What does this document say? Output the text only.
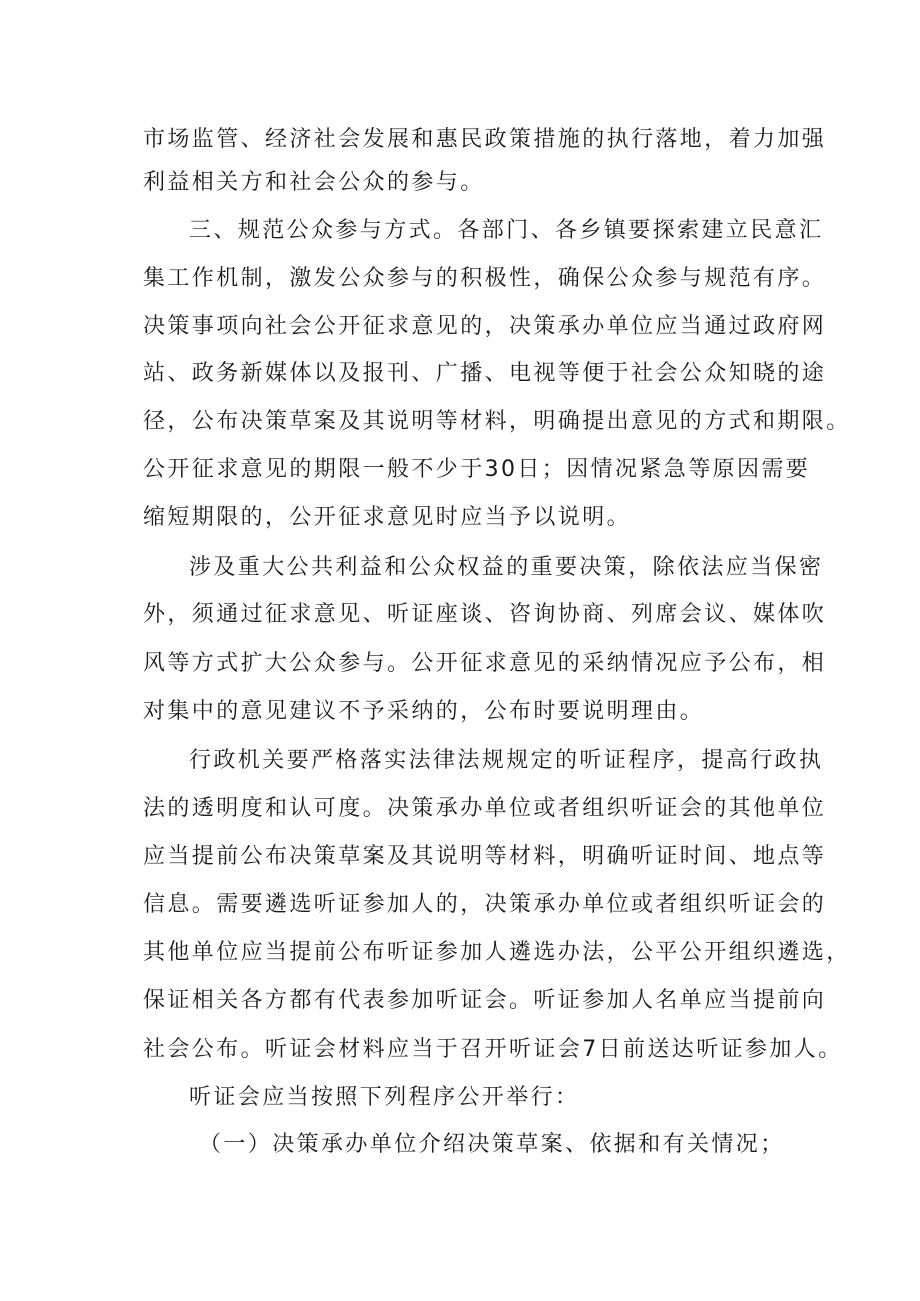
市场监管、经济社会发展和惠民政策措施的执行落地，着力加强
利益相关方和社会公众的参与。
三、规范公众参与方式。各部门、各乡镇要探索建立民意汇
集工作机制，激发公众参与的积极性，确保公众参与规范有序。
决策事项向社会公开征求意见的，决策承办单位应当通过政府网
站、政务新媒体以及报刊、广播、电视等便于社会公众知晓的途
径，公布决策草案及其说明等材料，明确提出意见的方式和期限。
公开征求意见的期限一般不少于30日；因情况紧急等原因需要
缩短期限的，公开征求意见时应当予以说明。
涉及重大公共利益和公众权益的重要决策，除依法应当保密
外，须通过征求意见、听证座谈、咨询协商、列席会议、媒体吹
风等方式扩大公众参与。公开征求意见的采纳情况应予公布，相
对集中的意见建议不予采纳的，公布时要说明理由。
行政机关要严格落实法律法规规定的听证程序，提高行政执
法的透明度和认可度。决策承办单位或者组织听证会的其他单位
应当提前公布决策草案及其说明等材料，明确听证时间、地点等
信息。需要遴选听证参加人的，决策承办单位或者组织听证会的
其他单位应当提前公布听证参加人遴选办法，公平公开组织遴选，
保证相关各方都有代表参加听证会。听证参加人名单应当提前向
社会公布。听证会材料应当于召开听证会7日前送达听证参加人。
听证会应当按照下列程序公开举行：
（一）决策承办单位介绍决策草案、依据和有关情况；
